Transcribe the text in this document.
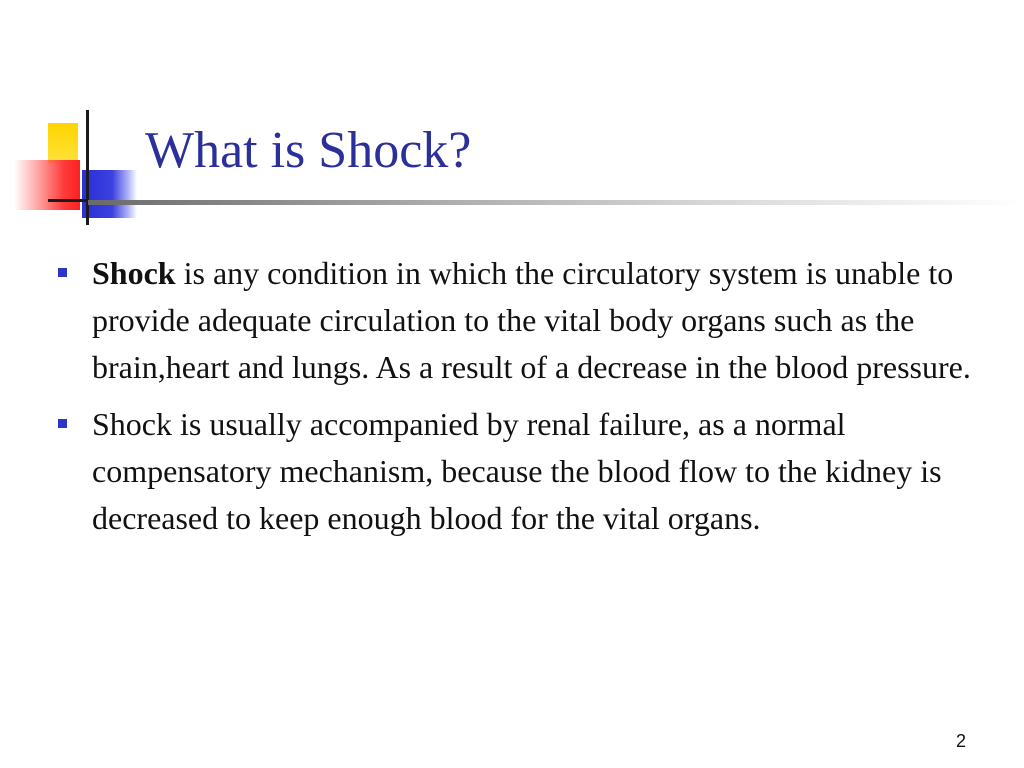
What is Shock?
Shock is any condition in which the circulatory system is unable to provide adequate circulation to the vital body organs such as the brain,heart and lungs. As a result of a decrease in the blood pressure.
Shock is usually accompanied by renal failure, as a normal compensatory mechanism, because the blood flow to the kidney is decreased to keep enough blood for the vital organs.
2
